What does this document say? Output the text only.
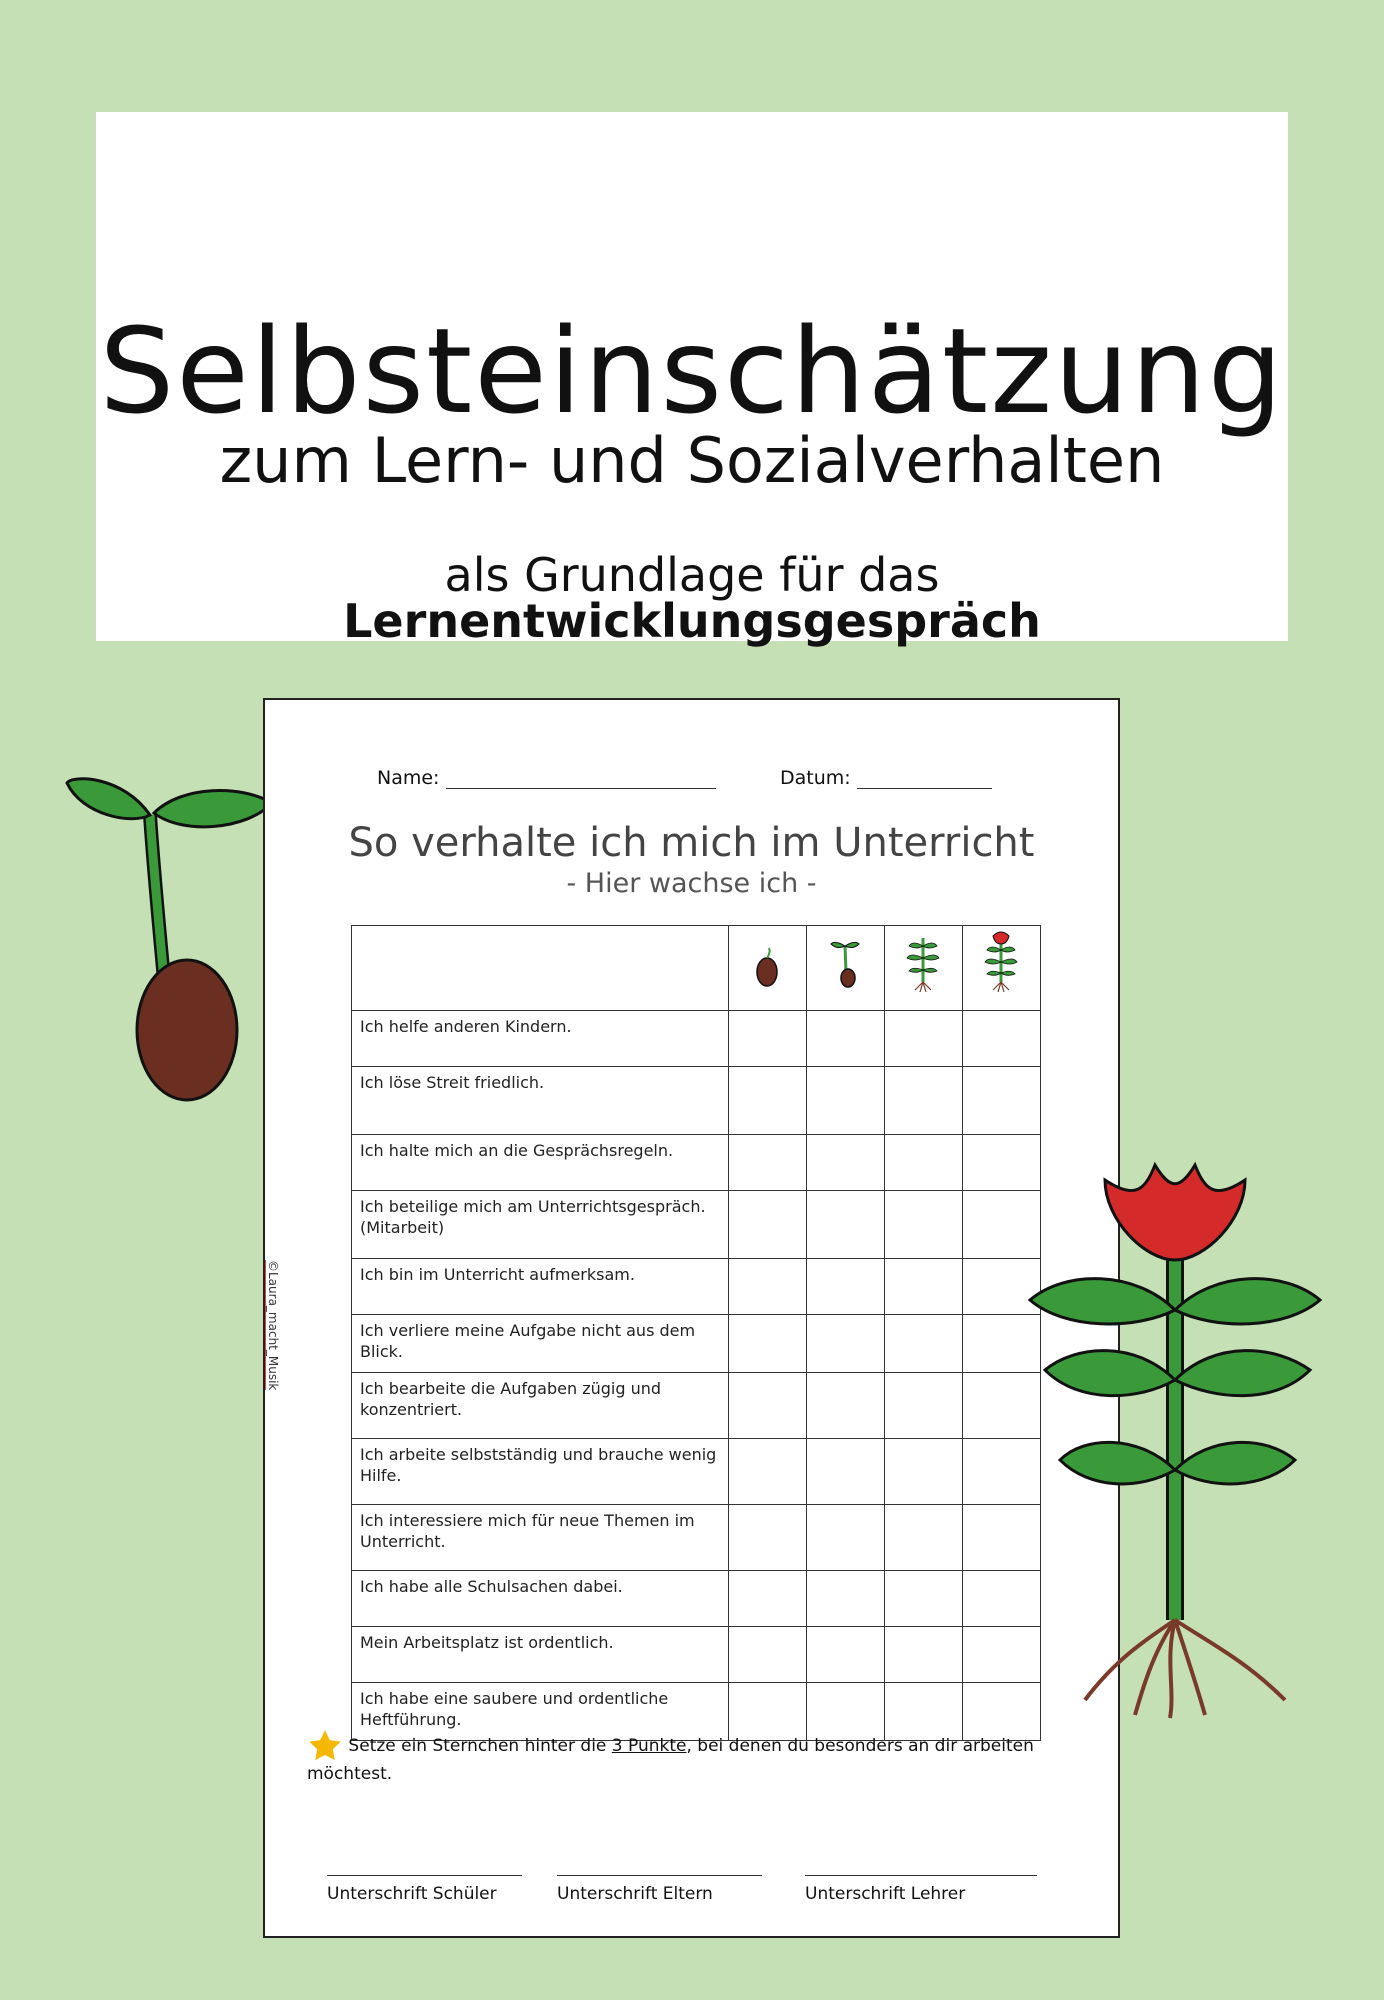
Selbsteinschätzung
zum Lern- und Sozialverhalten
als Grundlage für das Lernentwicklungsgespräch
Name:	Datum:
So verhalte ich mich im Unterricht
- Hier wachse ich -
©Laura_macht_Musik

Ich helfe anderen Kindern.				
Ich löse Streit friedlich.				
Ich halte mich an die Gesprächsregeln.				
Ich beteilige mich am Unterrichtsgespräch. (Mitarbeit)				
Ich bin im Unterricht aufmerksam.				
Ich verliere meine Aufgabe nicht aus dem Blick.				
Ich bearbeite die Aufgaben zügig und konzentriert.				
Ich arbeite selbstständig und brauche wenig Hilfe.				
Ich interessiere mich für neue Themen im Unterricht.				
Ich habe alle Schulsachen dabei.				
Mein Arbeitsplatz ist ordentlich.				
Ich habe eine saubere und ordentliche Heftführung.				
Setze ein Sternchen hinter die 3 Punkte, bei denen du besonders an dir arbeiten möchtest.
Unterschrift Schüler	Unterschrift Eltern	Unterschrift Lehrer
